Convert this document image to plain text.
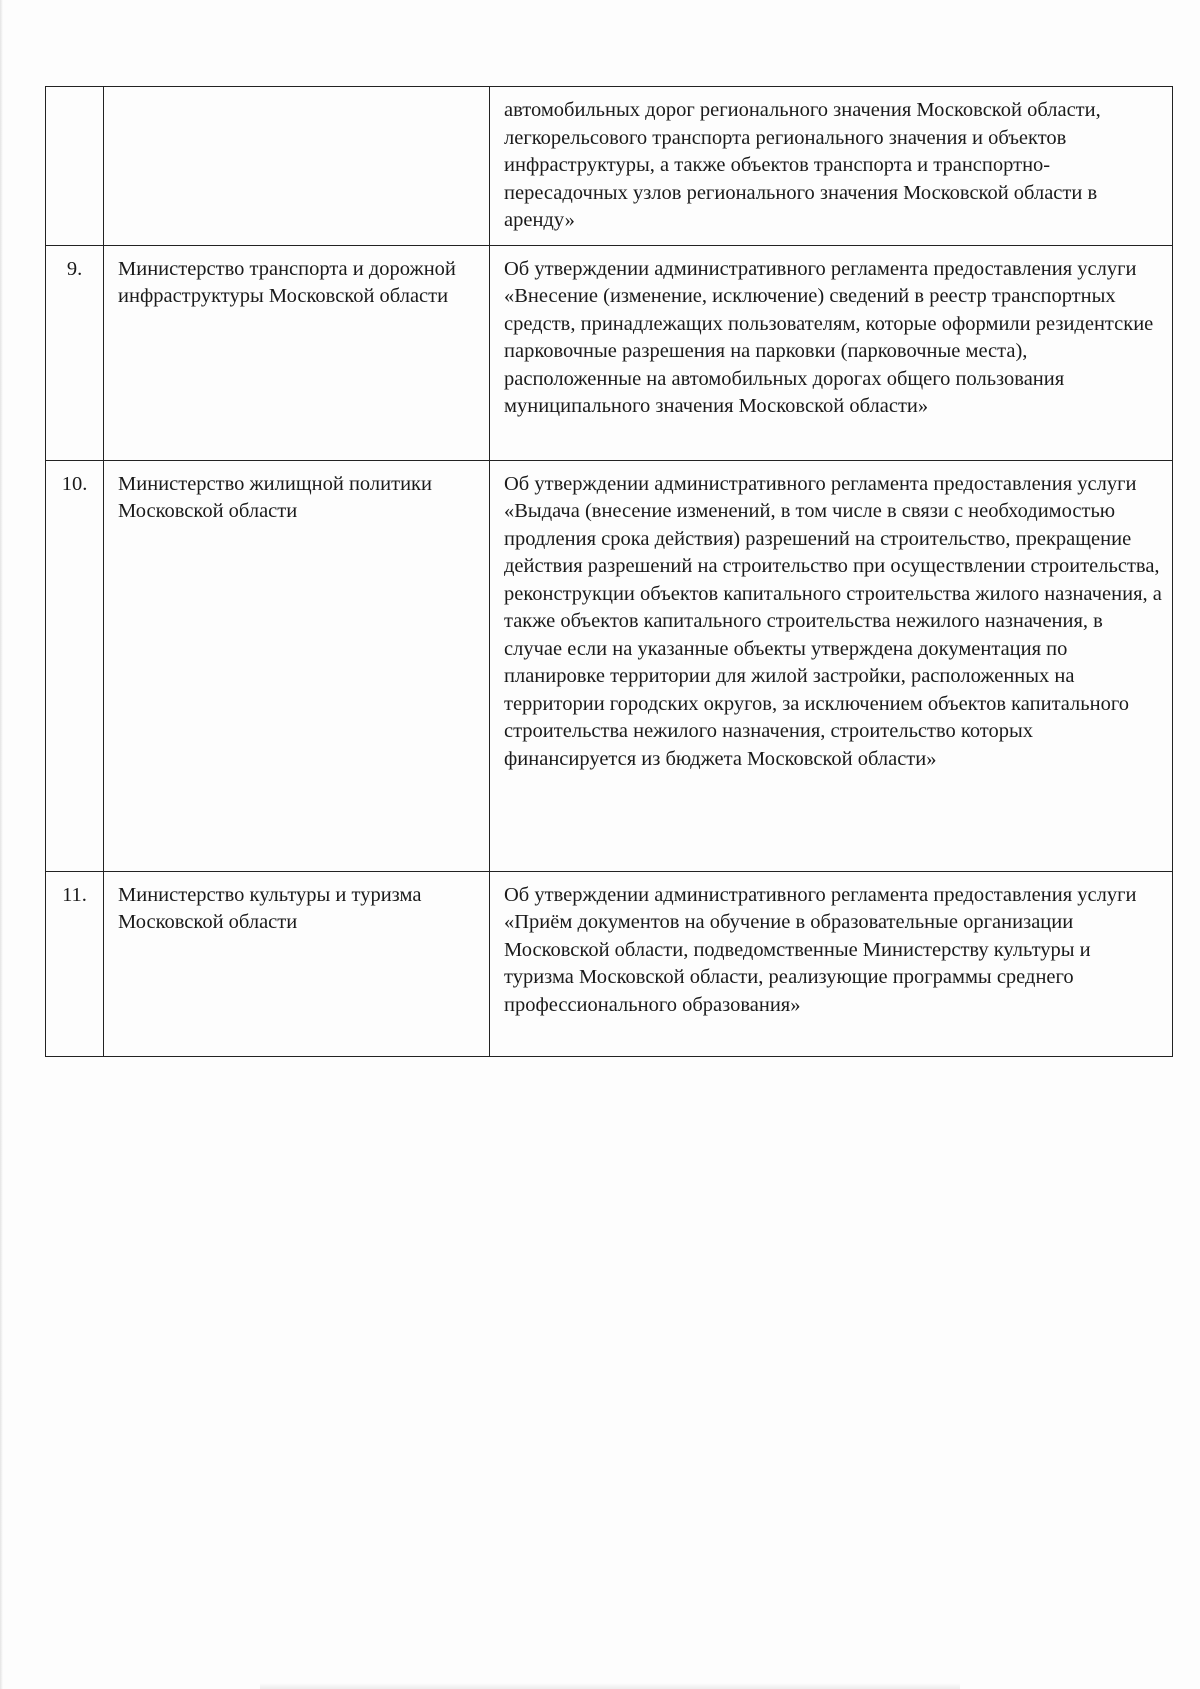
		автомобильных дорог регионального значения Московской области, легкорельсового транспорта регионального значения и объектов инфраструктуры, а также объектов транспорта и транспортно-пересадочных узлов регионального значения Московской области в аренду»
9.	Министерство транспорта и дорожной инфраструктуры Московской области	Об утверждении административного регламента предоставления услуги «Внесение (изменение, исключение) сведений в реестр транспортных средств, принадлежащих пользователям, которые оформили резидентские парковочные разрешения на парковки (парковочные места), расположенные на автомобильных дорогах общего пользования муниципального значения Московской области»
10.	Министерство жилищной политики Московской области	Об утверждении административного регламента предоставления услуги «Выдача (внесение изменений, в том числе в связи с необходимостью продления срока действия) разрешений на строительство, прекращение действия разрешений на строительство при осуществлении строительства, реконструкции объектов капитального строительства жилого назначения, а также объектов капитального строительства нежилого назначения, в случае если на указанные объекты утверждена документация по планировке территории для жилой застройки, расположенных на территории городских округов, за исключением объектов капитального строительства нежилого назначения, строительство которых финансируется из бюджета Московской области»
11.	Министерство культуры и туризма Московской области	Об утверждении административного регламента предоставления услуги «Приём документов на обучение в образовательные организации Московской области, подведомственные Министерству культуры и туризма Московской области, реализующие программы среднего профессионального образования»
